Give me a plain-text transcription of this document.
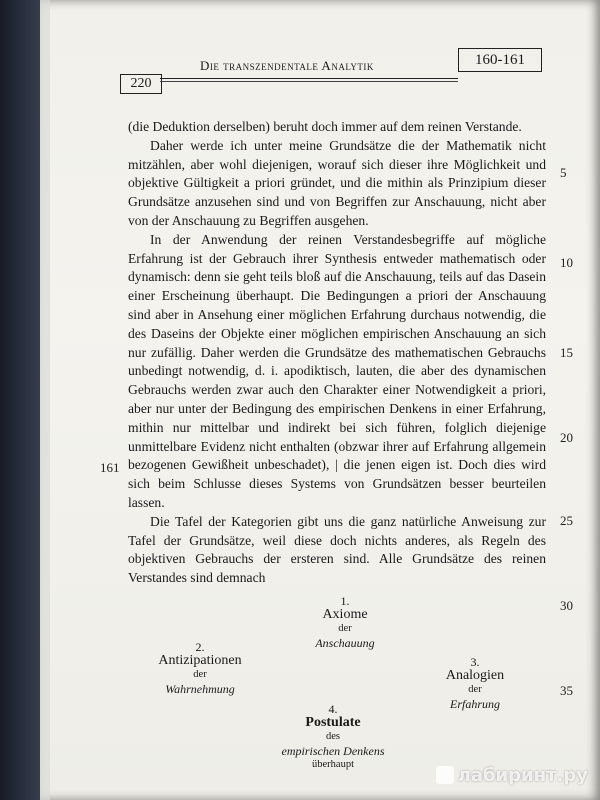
220
Die transzendentale Analytik	160-161

(die Deduktion derselben) beruht doch immer auf dem reinen Verstande.

Daher werde ich unter meine Grundsätze die der Mathematik nicht mitzählen, aber wohl diejenigen, worauf sich dieser ihre Möglichkeit und objektive Gültigkeit a priori gründet, und die mithin als Prinzipium dieser Grundsätze anzusehen sind und von Begriffen zur Anschauung, nicht aber von der Anschauung zu Begriffen ausgehen.

In der Anwendung der reinen Verstandesbegriffe auf mögliche Erfahrung ist der Gebrauch ihrer Synthesis entweder mathematisch oder dynamisch: denn sie geht teils bloß auf die Anschauung, teils auf das Dasein einer Erscheinung überhaupt. Die Bedingungen a priori der Anschauung sind aber in Ansehung einer möglichen Erfahrung durchaus notwendig, die des Daseins der Objekte einer möglichen empirischen Anschauung an sich nur zufällig. Daher werden die Grundsätze des mathematischen Gebrauchs unbedingt notwendig, d. i. apodiktisch, lauten, die aber des dynamischen Gebrauchs werden zwar auch den Charakter einer Notwendigkeit a priori, aber nur unter der Bedingung des empirischen Denkens in einer Erfahrung, mithin nur mittelbar und indirekt bei sich führen, folglich diejenige unmittelbare Evidenz nicht enthalten (obzwar ihrer auf Erfahrung allgemein bezogenen Gewißheit unbeschadet), | die jenen eigen ist. Doch dies wird sich beim Schlusse dieses Systems von Grundsätzen besser beurteilen lassen.

Die Tafel der Kategorien gibt uns die ganz natürliche Anweisung zur Tafel der Grundsätze, weil diese doch nichts anderes, als Regeln des objektiven Gebrauchs der ersteren sind. Alle Grundsätze des reinen Verstandes sind demnach

5
10
15
20
25
30
35
161
1.
Axiome
der
Anschauung
2.
Antizipationen
der
Wahrnehmung
3.
Analogien
der
Erfahrung
4.
Postulate
des
empirischen Denkens
überhaupt
лабиринт.ру
